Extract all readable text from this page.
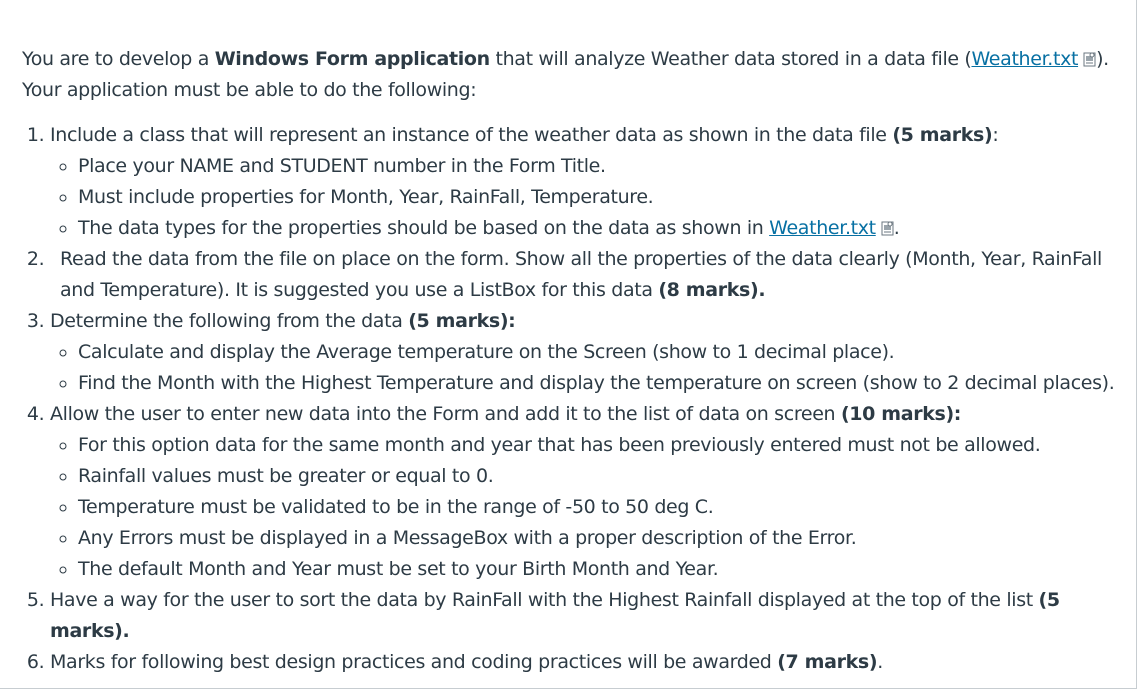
You are to develop a Windows Form application that will analyze Weather data stored in a data file (Weather.txt ).
Your application must be able to do the following:

1. Include a class that will represent an instance of the weather data as shown in the data file (5 marks):
◦ Place your NAME and STUDENT number in the Form Title.
◦ Must include properties for Month, Year, RainFall, Temperature.
◦ The data types for the properties should be based on the data as shown in Weather.txt .
2. Read the data from the file on place on the form. Show all the properties of the data clearly (Month, Year, RainFall and Temperature). It is suggested you use a ListBox for this data (8 marks).
3. Determine the following from the data (5 marks):
◦ Calculate and display the Average temperature on the Screen (show to 1 decimal place).
◦ Find the Month with the Highest Temperature and display the temperature on screen (show to 2 decimal places).
4. Allow the user to enter new data into the Form and add it to the list of data on screen (10 marks):
◦ For this option data for the same month and year that has been previously entered must not be allowed.
◦ Rainfall values must be greater or equal to 0.
◦ Temperature must be validated to be in the range of -50 to 50 deg C.
◦ Any Errors must be displayed in a MessageBox with a proper description of the Error.
◦ The default Month and Year must be set to your Birth Month and Year.
5. Have a way for the user to sort the data by RainFall with the Highest Rainfall displayed at the top of the list (5 marks).
6. Marks for following best design practices and coding practices will be awarded (7 marks).
